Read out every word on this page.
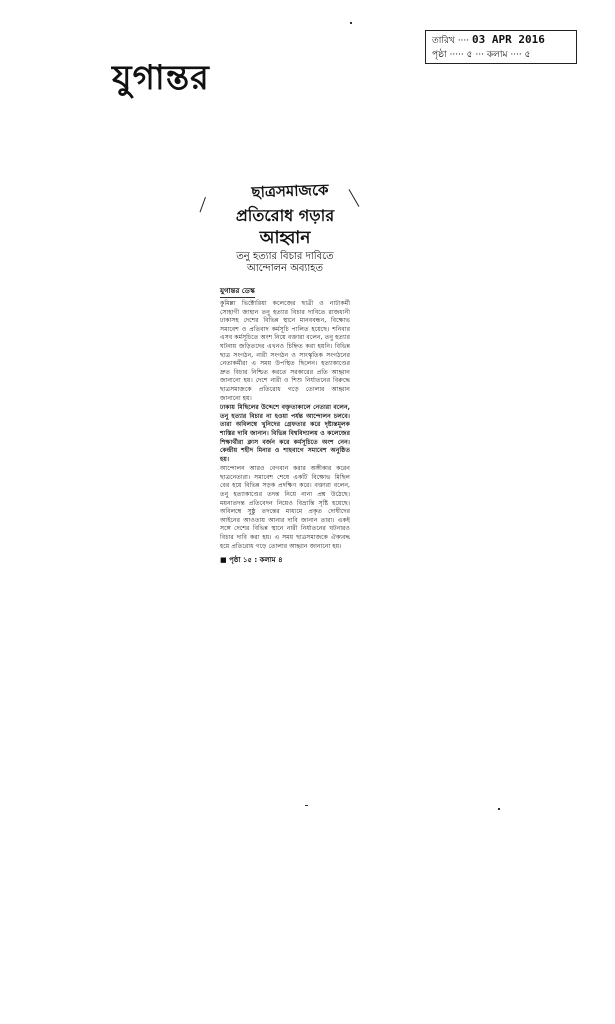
যুগান্তর
তারিখ ···· 03 APR 2016
পৃষ্ঠা ····· ৫ ··· কলাম ···· ৫
ছাত্রসমাজকে
প্রতিরোধ গড়ার
আহ্বান
তনু হত্যার বিচার দাবিতে
আন্দোলন অব্যাহত
যুগান্তর ডেস্ক

কুমিল্লা ভিক্টোরিয়া কলেজের ছাত্রী ও নাট্যকর্মী সোহাগী জাহান তনু হত্যার বিচার দাবিতে রাজধানী ঢাকাসহ দেশের বিভিন্ন স্থানে মানববন্ধন, বিক্ষোভ সমাবেশ ও প্রতিবাদ কর্মসূচি পালিত হয়েছে। শনিবার এসব কর্মসূচিতে অংশ নিয়ে বক্তারা বলেন, তনু হত্যার ঘটনায় জড়িতদের এখনও চিহ্নিত করা হয়নি। বিভিন্ন ছাত্র সংগঠন, নারী সংগঠন ও সাংস্কৃতিক সংগঠনের নেতাকর্মীরা এ সময় উপস্থিত ছিলেন। হত্যাকাণ্ডের দ্রুত বিচার নিশ্চিত করতে সরকারের প্রতি আহ্বান জানানো হয়। দেশে নারী ও শিশু নির্যাতনের বিরুদ্ধে ছাত্রসমাজকে প্রতিরোধ গড়ে তোলার আহ্বান জানানো হয়।

ঢাকায় মিছিলের উদ্দেশে বক্তৃতাকালে নেতারা বলেন, তনু হত্যার বিচার না হওয়া পর্যন্ত আন্দোলন চলবে। তারা অবিলম্বে খুনিদের গ্রেফতার করে দৃষ্টান্তমূলক শাস্তির দাবি জানান। বিভিন্ন বিশ্ববিদ্যালয় ও কলেজের শিক্ষার্থীরা ক্লাস বর্জন করে কর্মসূচিতে অংশ নেন। কেন্দ্রীয় শহীদ মিনার ও শাহবাগে সমাবেশ অনুষ্ঠিত হয়।

আন্দোলন আরও বেগবান করার অঙ্গীকার করেন ছাত্রনেতারা। সমাবেশ শেষে একটি বিক্ষোভ মিছিল বের হয়ে বিভিন্ন সড়ক প্রদক্ষিণ করে। বক্তারা বলেন, তনু হত্যাকাণ্ডের তদন্ত নিয়ে নানা প্রশ্ন উঠেছে। ময়নাতদন্ত প্রতিবেদন নিয়েও বিভ্রান্তি সৃষ্টি হয়েছে। অবিলম্বে সুষ্ঠু তদন্তের মাধ্যমে প্রকৃত দোষীদের আইনের আওতায় আনার দাবি জানান তারা। একই সঙ্গে দেশের বিভিন্ন স্থানে নারী নির্যাতনের ঘটনারও বিচার দাবি করা হয়। এ সময় ছাত্রসমাজকে ঐক্যবদ্ধ হয়ে প্রতিরোধ গড়ে তোলার আহ্বান জানানো হয়।

■ পৃষ্ঠা ১৫ : কলাম ৪
